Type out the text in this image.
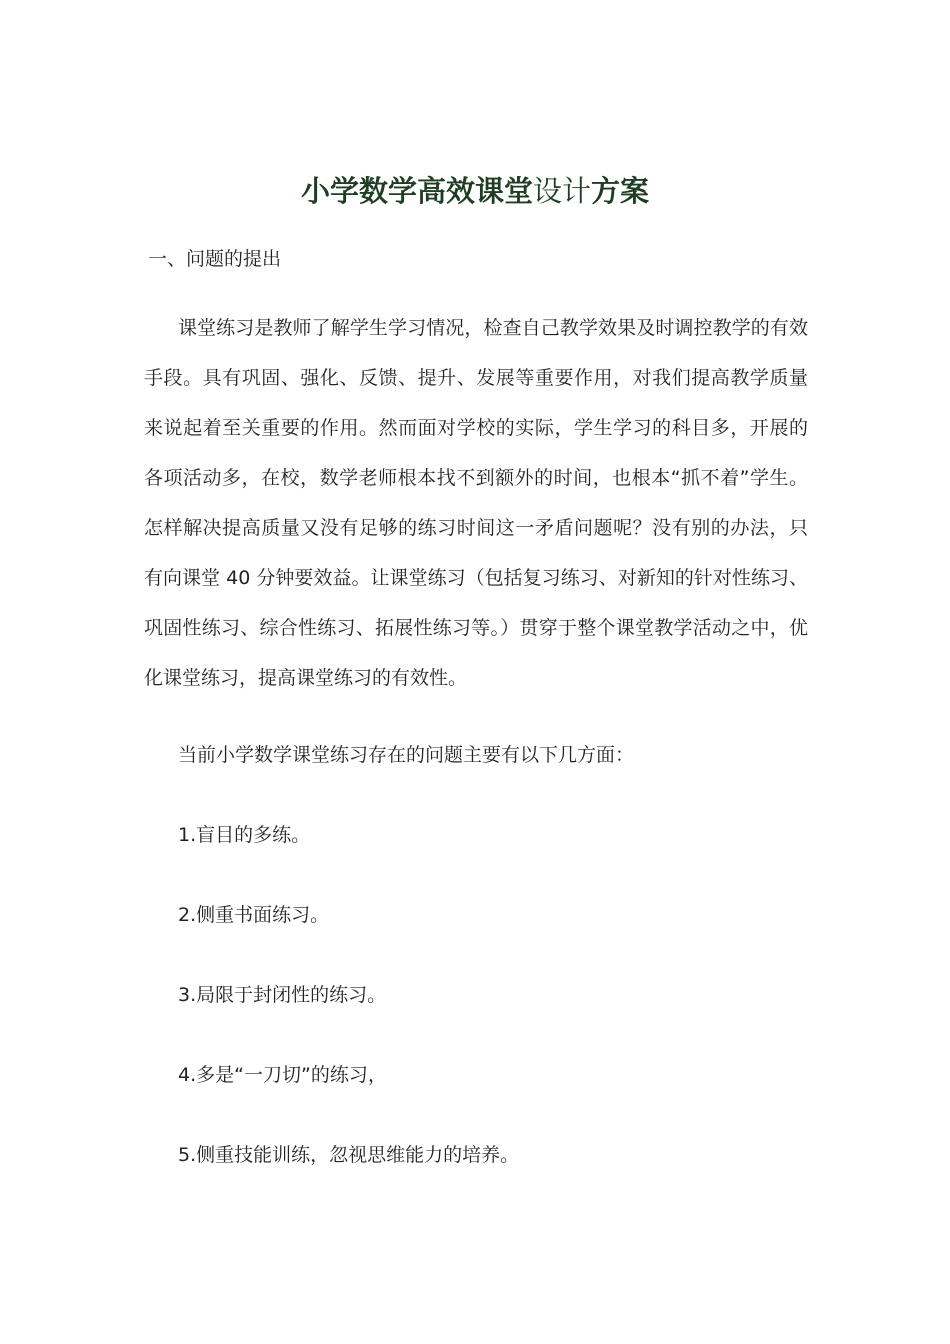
小学数学高效课堂设计方案
一、问题的提出

课堂练习是教师了解学生学习情况，检查自己教学效果及时调控教学的有效手段。具有巩固、强化、反馈、提升、发展等重要作用，对我们提高教学质量来说起着至关重要的作用。然而面对学校的实际，学生学习的科目多，开展的各项活动多，在校，数学老师根本找不到额外的时间，也根本“抓不着”学生。怎样解决提高质量又没有足够的练习时间这一矛盾问题呢？没有别的办法，只有向课堂 40 分钟要效益。让课堂练习（包括复习练习、对新知的针对性练习、巩固性练习、综合性练习、拓展性练习等。）贯穿于整个课堂教学活动之中，优化课堂练习，提高课堂练习的有效性。

当前小学数学课堂练习存在的问题主要有以下几方面：
1.盲目的多练。
2.侧重书面练习。
3.局限于封闭性的练习。
4.多是“一刀切”的练习，
5.侧重技能训练，忽视思维能力的培养。
